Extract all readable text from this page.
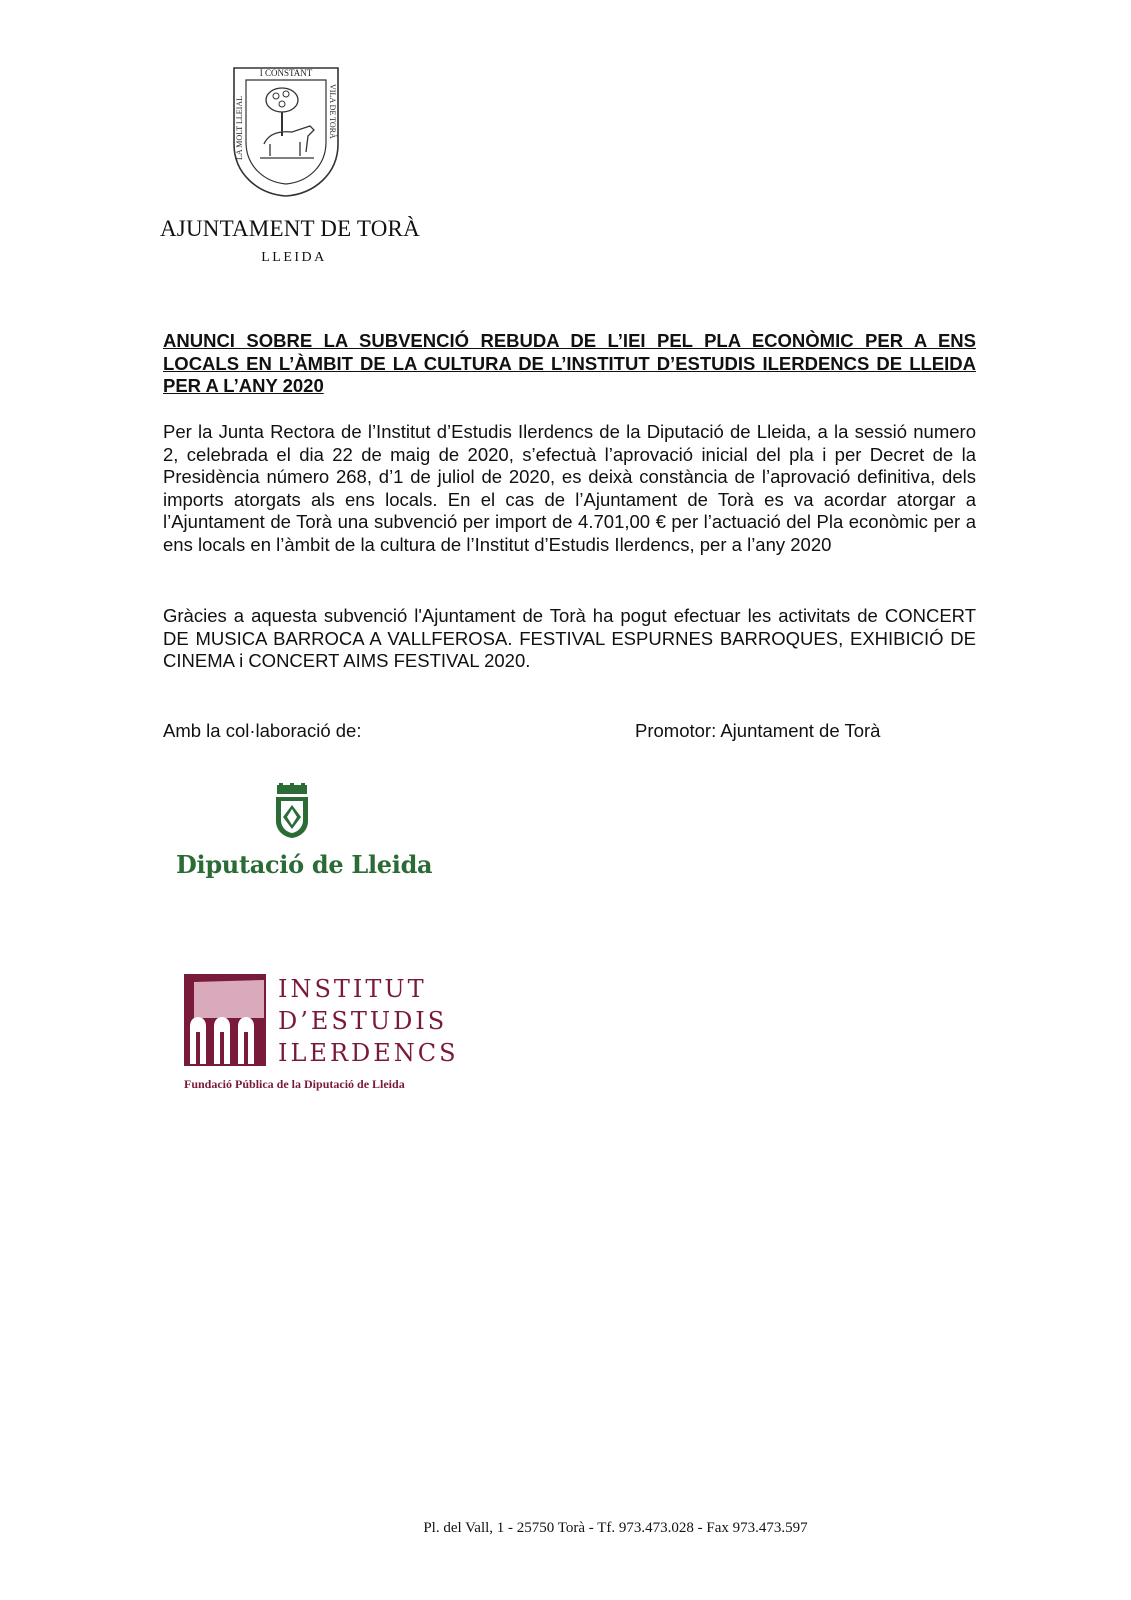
I CONSTANT
LA MOLT LLEIAL	VILA DE TORÀ
AJUNTAMENT DE TORÀ
LLEIDA
ANUNCI SOBRE LA SUBVENCIÓ REBUDA DE L’IEI PEL PLA ECONÒMIC PER A ENS LOCALS EN L’ÀMBIT DE LA CULTURA DE L’INSTITUT D’ESTUDIS ILERDENCS DE LLEIDA PER A L’ANY 2020
Per la Junta Rectora de l’Institut d’Estudis Ilerdencs de la Diputació de Lleida, a la sessió numero 2, celebrada el dia 22 de maig de 2020, s’efectuà l’aprovació inicial del pla i per Decret de la Presidència número 268, d’1 de juliol de 2020, es deixà constància de l’aprovació definitiva, dels imports atorgats als ens locals. En el cas de l’Ajuntament de Torà es va acordar atorgar a l’Ajuntament de Torà una subvenció per import de 4.701,00 € per l’actuació del Pla econòmic per a ens locals en l’àmbit de la cultura de l’Institut d’Estudis Ilerdencs, per a l’any 2020
Gràcies a aquesta subvenció l'Ajuntament de Torà ha pogut efectuar les activitats de CONCERT DE MUSICA BARROCA A VALLFEROSA. FESTIVAL ESPURNES BARROQUES, EXHIBICIÓ DE CINEMA i CONCERT AIMS FESTIVAL 2020.
Amb la col·laboració de:	Promotor: Ajuntament de Torà
Diputació de Lleida
INSTITUT
D’ESTUDIS
ILERDENCS
Fundació Pública de la Diputació de Lleida
Pl. del Vall, 1 - 25750 Torà - Tf. 973.473.028 - Fax 973.473.597
